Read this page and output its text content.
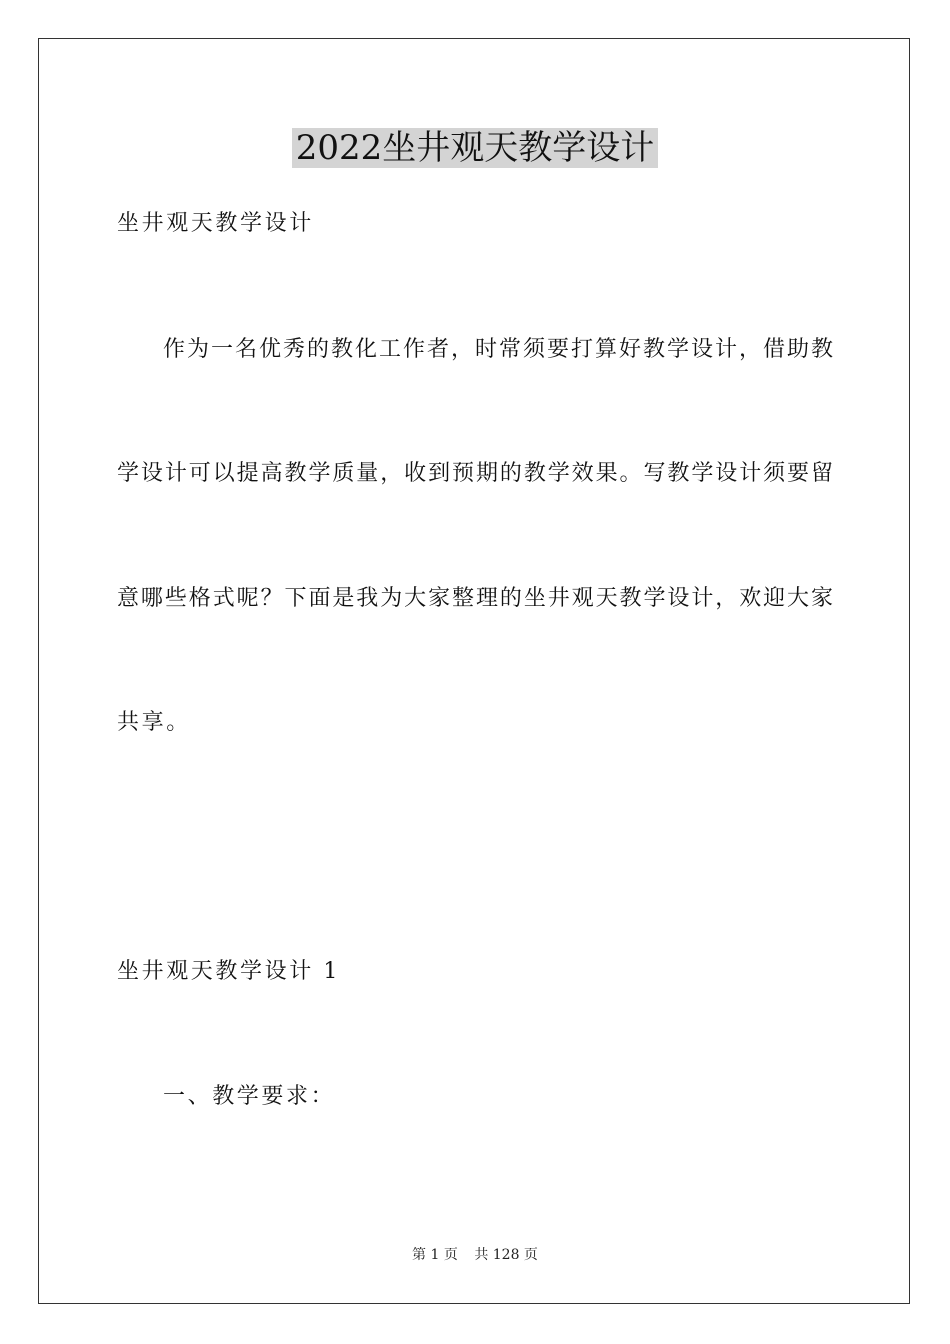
2022坐井观天教学设计
坐井观天教学设计
作为一名优秀的教化工作者，时常须要打算好教学设计，借助教
学设计可以提高教学质量，收到预期的教学效果。写教学设计须要留
意哪些格式呢？下面是我为大家整理的坐井观天教学设计，欢迎大家
共享。
坐井观天教学设计 1
一、教学要求：
第 1 页 共 128 页
